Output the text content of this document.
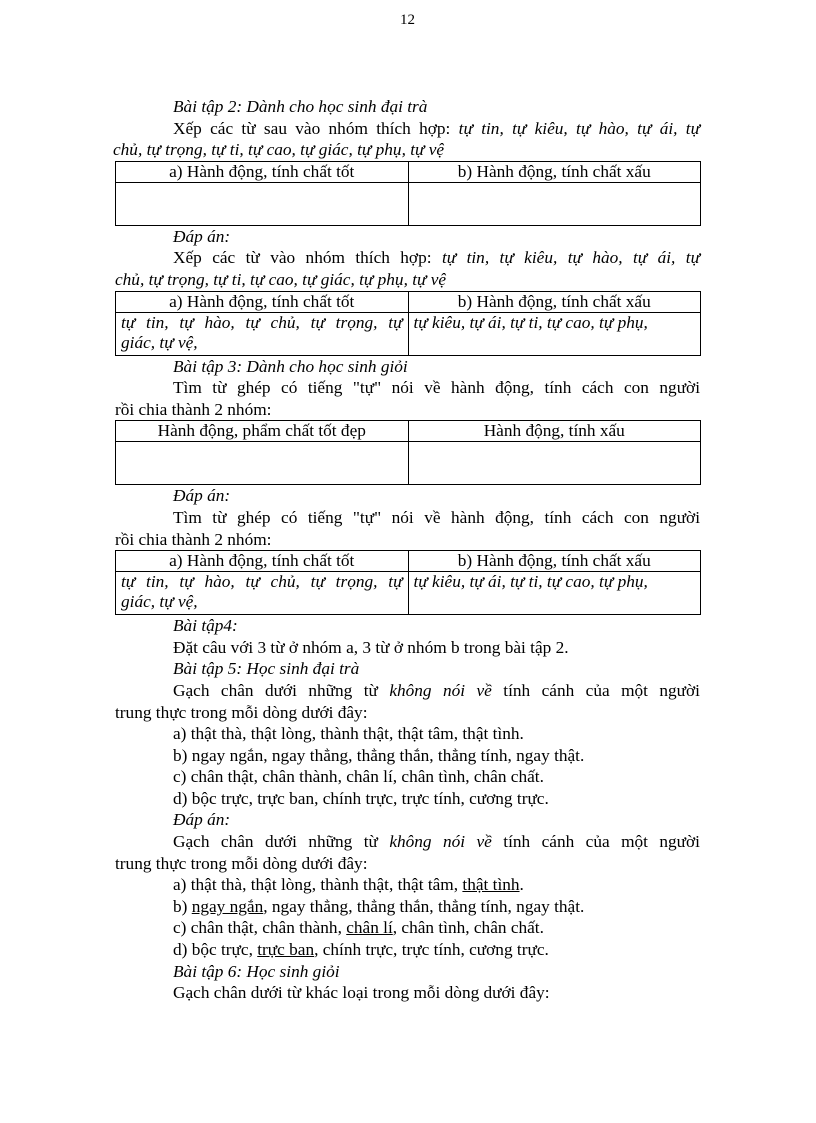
12

Bài tập 2: Dành cho học sinh đại trà

Xếp các từ sau vào nhóm thích hợp: tự tin, tự kiêu, tự hào, tự ái, tự

chủ, tự trọng, tự ti, tự cao, tự giác, tự phụ, tự vệ

a) Hành động, tính chất tốt	b) Hành động, tính chất xấu

Đáp án:

Xếp các từ vào nhóm thích hợp: tự tin, tự kiêu, tự hào, tự ái, tự

chủ, tự trọng, tự ti, tự cao, tự giác, tự phụ, tự vệ

a) Hành động, tính chất tốt	b) Hành động, tính chất xấu

tự tin, tự hào, tự chủ, tự trọng, tự
giác, tự vệ,	tự kiêu, tự ái, tự ti, tự cao, tự phụ,

Bài tập 3: Dành cho học sinh giỏi

Tìm từ ghép có tiếng "tự" nói về hành động, tính cách con người

rồi chia thành 2 nhóm:

Hành động, phẩm chất tốt đẹp	Hành động, tính xấu

Đáp án:

Tìm từ ghép có tiếng "tự" nói về hành động, tính cách con người

rồi chia thành 2 nhóm:

a) Hành động, tính chất tốt	b) Hành động, tính chất xấu

tự tin, tự hào, tự chủ, tự trọng, tự
giác, tự vệ,	tự kiêu, tự ái, tự ti, tự cao, tự phụ,

Bài tập4:

Đặt câu với 3 từ ở nhóm a, 3 từ ở nhóm b trong bài tập 2.

Bài tập 5: Học sinh đại trà

Gạch chân dưới những từ không nói về tính cánh của một người

trung thực trong mỗi dòng dưới đây:

a) thật thà, thật lòng, thành thật, thật tâm, thật tình.

b) ngay ngắn, ngay thẳng, thẳng thắn, thẳng tính, ngay thật.

c) chân thật, chân thành, chân lí, chân tình, chân chất.

d) bộc trực, trực ban, chính trực, trực tính, cương trực.

Đáp án:

Gạch chân dưới những từ không nói về tính cánh của một người

trung thực trong mỗi dòng dưới đây:

a) thật thà, thật lòng, thành thật, thật tâm, thật tình.

b) ngay ngắn, ngay thẳng, thẳng thắn, thẳng tính, ngay thật.

c) chân thật, chân thành, chân lí, chân tình, chân chất.

d) bộc trực, trực ban, chính trực, trực tính, cương trực.

Bài tập 6: Học sinh giỏi

Gạch chân dưới từ khác loại trong mỗi dòng dưới đây:
